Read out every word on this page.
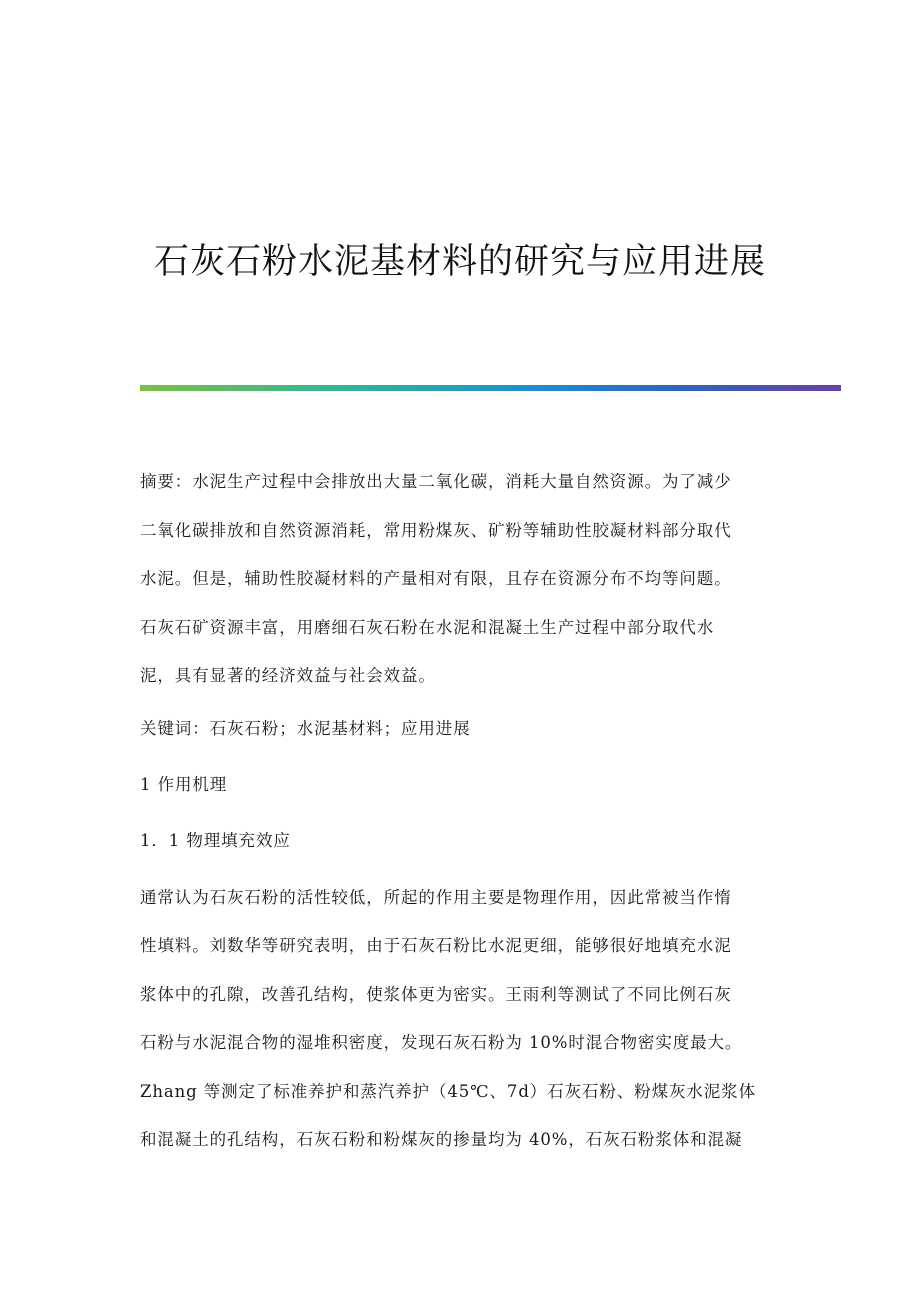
石灰石粉水泥基材料的研究与应用进展

摘要：水泥生产过程中会排放出大量二氧化碳，消耗大量自然资源。为了减少

二氧化碳排放和自然资源消耗，常用粉煤灰、矿粉等辅助性胶凝材料部分取代

水泥。但是，辅助性胶凝材料的产量相对有限，且存在资源分布不均等问题。

石灰石矿资源丰富，用磨细石灰石粉在水泥和混凝土生产过程中部分取代水

泥，具有显著的经济效益与社会效益。

关键词：石灰石粉；水泥基材料；应用进展

1 作用机理

1．1 物理填充效应

通常认为石灰石粉的活性较低，所起的作用主要是物理作用，因此常被当作惰

性填料。刘数华等研究表明，由于石灰石粉比水泥更细，能够很好地填充水泥

浆体中的孔隙，改善孔结构，使浆体更为密实。王雨利等测试了不同比例石灰

石粉与水泥混合物的湿堆积密度，发现石灰石粉为 10%时混合物密实度最大。

Zhang 等测定了标准养护和蒸汽养护（45℃、7d）石灰石粉、粉煤灰水泥浆体

和混凝土的孔结构，石灰石粉和粉煤灰的掺量均为 40%，石灰石粉浆体和混凝
